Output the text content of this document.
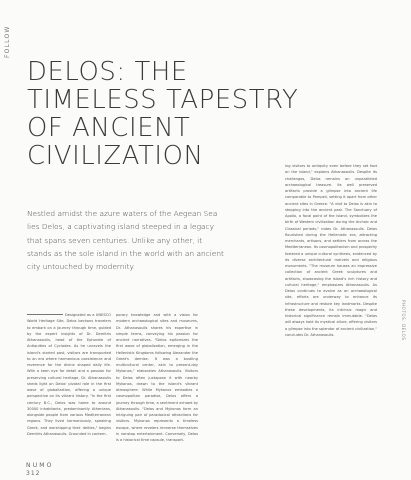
FOLLOW
PHOTOS: DELOS
DELOS: THE
TIMELESS TAPESTRY
OF ANCIENT
CIVILIZATION

Nestled amidst the azure waters of the Aegean Sea lies Delos, a captivating island steeped in a legacy that spans seven centuries. Unlike any other, it stands as the sole island in the world with an ancient city untouched by modernity.

Designated as a UNESCO World Heritage Site, Delos beckons travelers to embark on a journey through time, guided by the expert insights of Dr. Demitris Athanasoulis, head of the Ephorate of Antiquities of Cyclades. As he unravels the island's storied past, visitors are transported to an era where harmonious coexistence and reverence for the divine shaped daily life. With a keen eye for detail and a passion for preserving cultural heritage, Dr. Athanasoulis sheds light on Delos' pivotal role in the first wave of globalization, offering a unique perspective on its vibrant history. "In the first century B.C., Delos was home to around 30000 inhabitants, predominantly Athenians, alongside people from various Mediterranean regions. They lived harmoniously, speaking Greek, and worshipping their deities," begins Demitris Athanasoulis. Grounded in contem-

porary knowledge and with a vision for modern archaeological sites and museums, Dr. Athanasoulis shares his expertise in simple terms, conveying his passion for ancient narratives. "Delos epitomizes the first wave of globalization, emerging in the Hellenistic Kingdoms following Alexander the Great's demise. It was a bustling multicultural center, akin to present-day Mykonos," elaborates Athanasoulis. Visitors to Delos often juxtapose it with nearby Mykonos, drawn to the island's vibrant atmosphere. While Mykonos embodies a cosmopolitan paradise, Delos offers a journey through time, a sentiment echoed by Athanasoulis. "Delos and Mykonos form an intriguing pair of paradoxical attractions for visitors. Mykonos represents a timeless escape, where revelers immerse themselves in nonstop entertainment. Conversely, Delos is a historical time capsule, transport-

ing visitors to antiquity even before they set foot on the island," explains Athanasoulis. Despite its challenges, Delos remains an unparalleled archaeological treasure. Its well preserved artifacts provide a glimpse into ancient life comparable to Pompeii, setting it apart from other ancient sites in Greece. "A visit to Delos is akin to stepping into the ancient past. The Sanctuary of Apollo, a focal point of the island, symbolizes the birth of Western civilization during the Archaic and Classical periods," notes Dr. Athanasoulis. Delos flourished during the Hellenistic era, attracting merchants, artisans, and settlers from across the Mediterranean. Its cosmopolitanism and prosperity fostered a unique cultural synthesis, evidenced by its diverse architectural marvels and religious monuments. "The museum houses an impressive collection of ancient Greek sculptures and artifacts, showcasing the island's rich history and cultural heritage," emphasizes Athanasoulis. As Delos continues to evolve as an archaeological site, efforts are underway to enhance its infrastructure and restore key landmarks. Despite these developments, its intrinsic magic and historical significance remain immutable. "Delos will always hold its mystical allure, offering visitors a glimpse into the splendor of ancient civilization," concludes Dr. Athanasoulis.

NUMO
312
